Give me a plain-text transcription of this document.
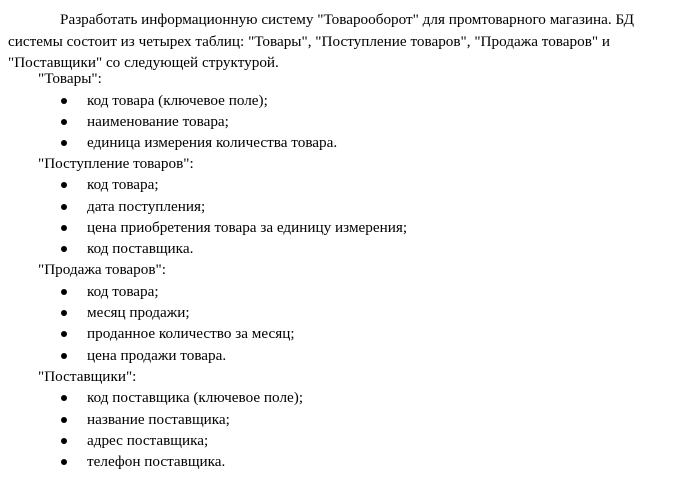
Разработать информационную систему "Товарооборот" для промтоварного магазина. БД системы состоит из четырех таблиц: "Товары", "Поступление товаров", "Продажа товаров" и "Поставщики" со следующей структурой.

"Товары":
код товара (ключевое поле);
наименование товара;
единица измерения количества товара.
"Поступление товаров":
код товара;
дата поступления;
цена приобретения товара за единицу измерения;
код поставщика.
"Продажа товаров":
код товара;
месяц продажи;
проданное количество за месяц;
цена продажи товара.
"Поставщики":
код поставщика (ключевое поле);
название поставщика;
адрес поставщика;
телефон поставщика.
